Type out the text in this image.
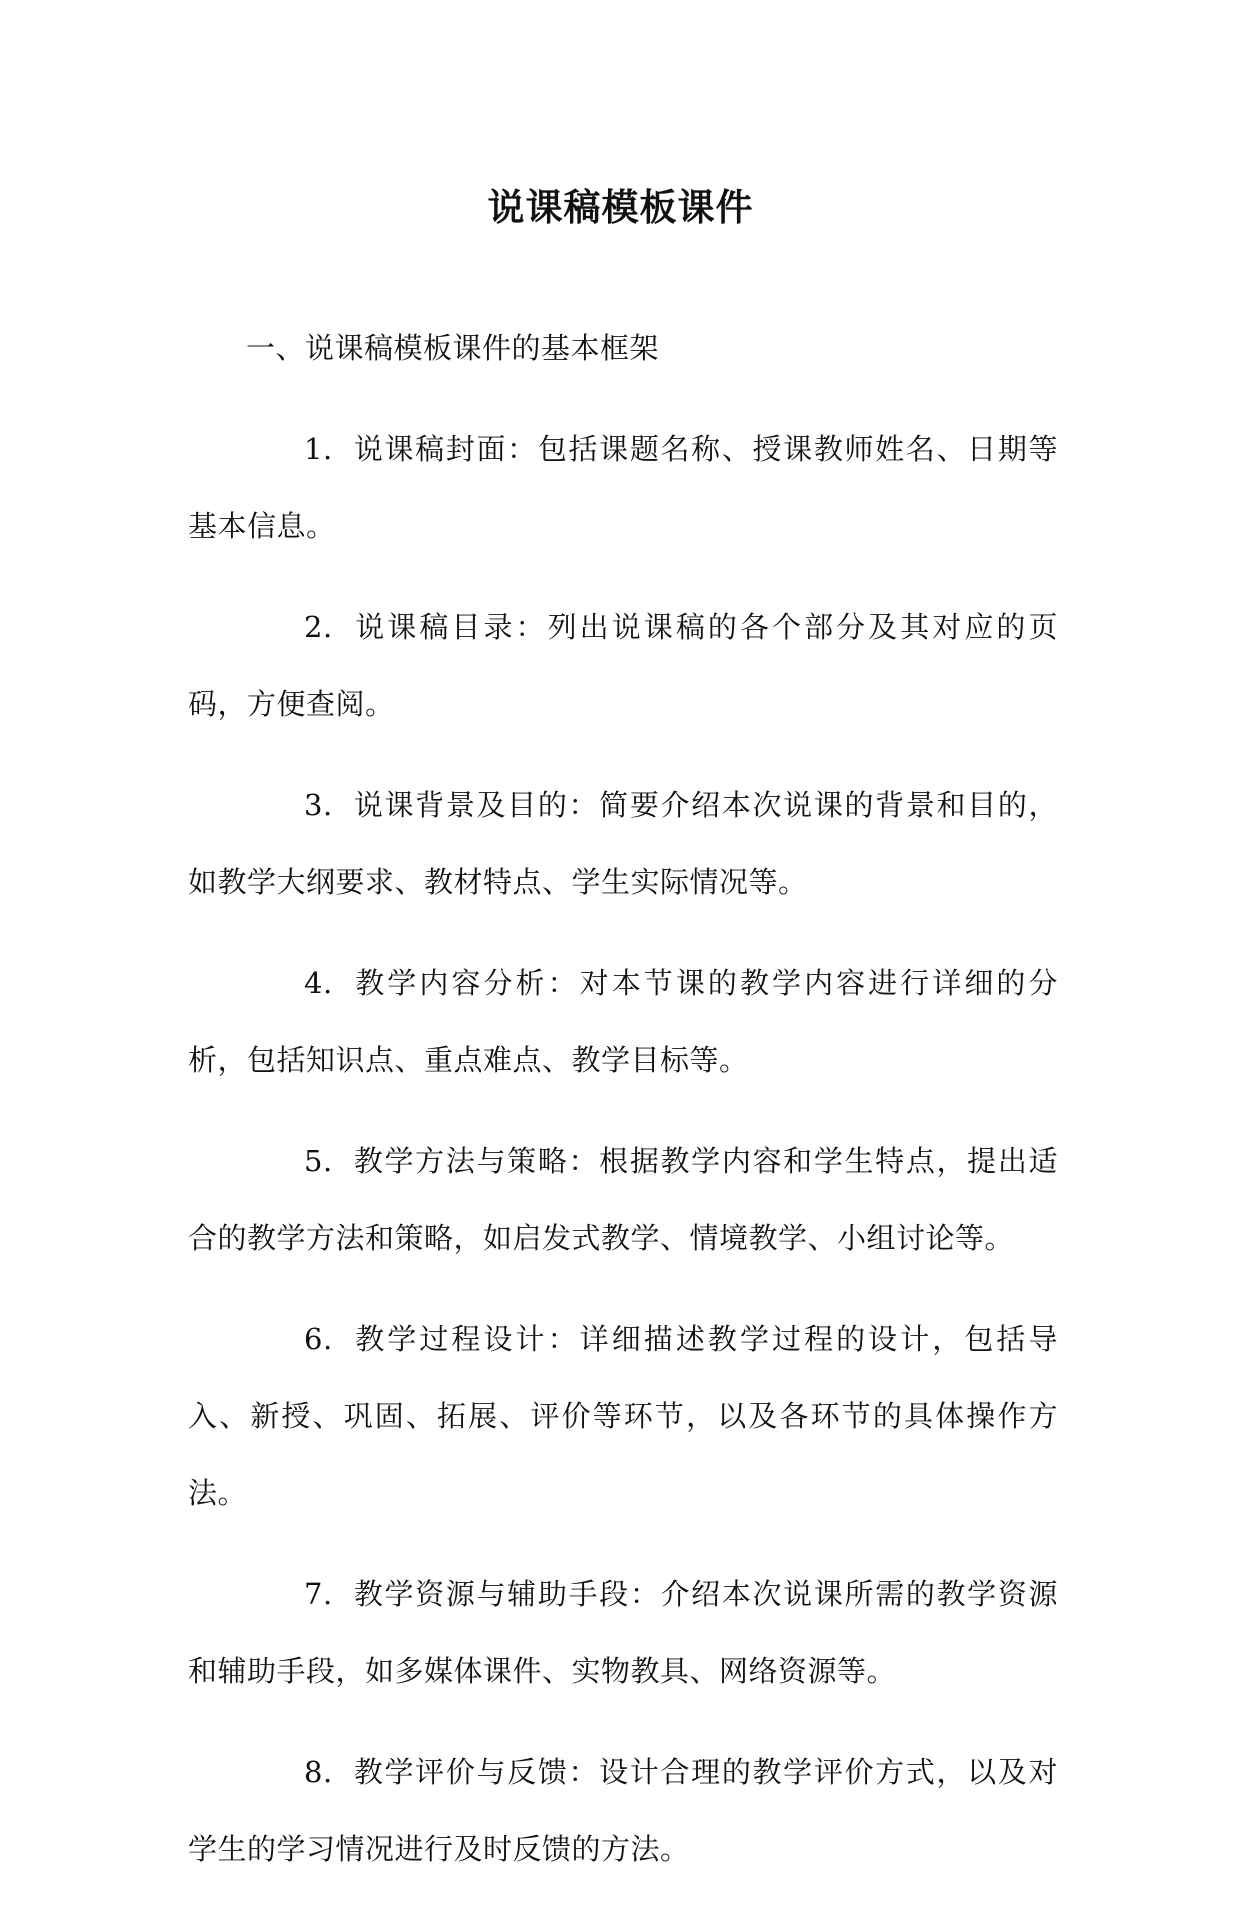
说课稿模板课件

一、说课稿模板课件的基本框架

1. 说课稿封面：包括课题名称、授课教师姓名、日期等基本信息。

2. 说课稿目录：列出说课稿的各个部分及其对应的页码，方便查阅。

3. 说课背景及目的：简要介绍本次说课的背景和目的，如教学大纲要求、教材特点、学生实际情况等。

4. 教学内容分析：对本节课的教学内容进行详细的分析，包括知识点、重点难点、教学目标等。

5. 教学方法与策略：根据教学内容和学生特点，提出适合的教学方法和策略，如启发式教学、情境教学、小组讨论等。

6. 教学过程设计：详细描述教学过程的设计，包括导入、新授、巩固、拓展、评价等环节，以及各环节的具体操作方法。

7. 教学资源与辅助手段：介绍本次说课所需的教学资源和辅助手段，如多媒体课件、实物教具、网络资源等。

8. 教学评价与反馈：设计合理的教学评价方式，以及对学生的学习情况进行及时反馈的方法。
